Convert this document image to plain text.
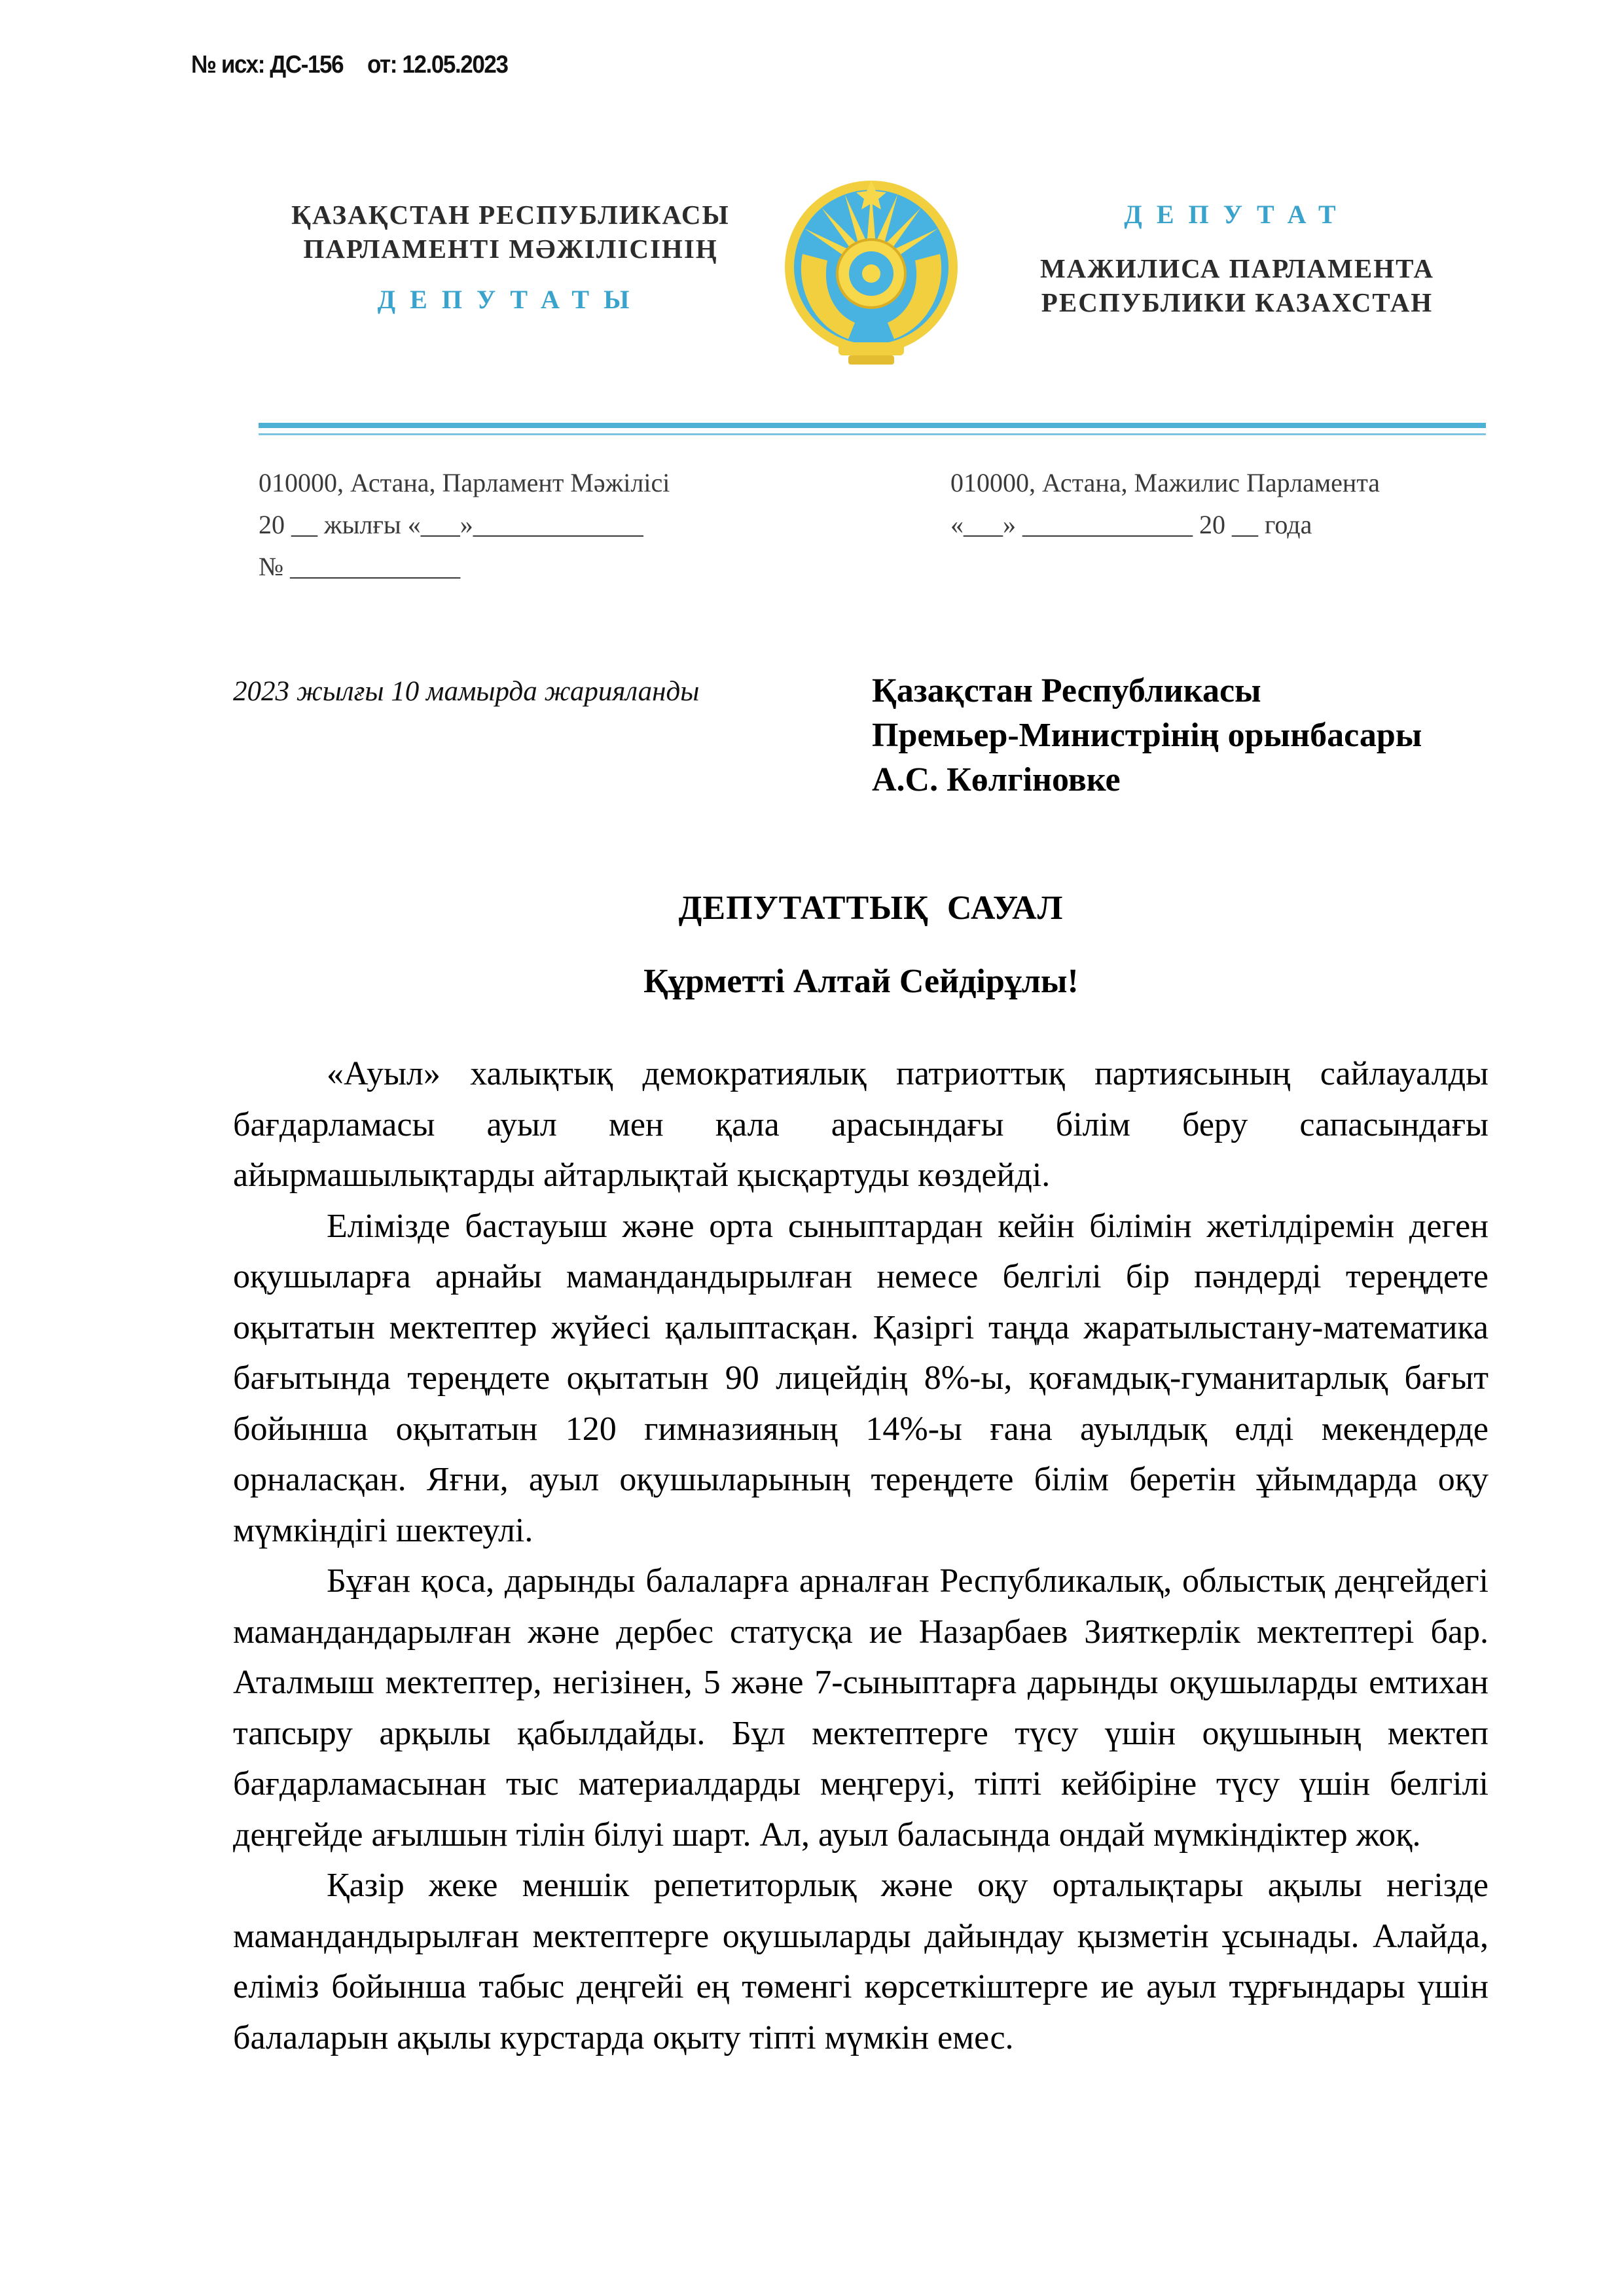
№ исх: ДС-156 от: 12.05.2023
ҚАЗАҚСТАН РЕСПУБЛИКАСЫ
ПАРЛАМЕНТІ МӘЖІЛІСІНІҢ
ДЕПУТАТЫ
ДЕПУТАТ
МАЖИЛИСА ПАРЛАМЕНТА
РЕСПУБЛИКИ КАЗАХСТАН
010000, Астана, Парламент Мәжілісі
20 __ жылғы «___»_____________
№ _____________
010000, Астана, Мажилис Парламента
«___» _____________ 20 __ года
2023 жылғы 10 мамырда жарияланды	Қазақстан Республикасы
Премьер-Министрінің орынбасары
А.С. Көлгіновке
ДЕПУТАТТЫҚ  САУАЛ
Құрметті Алтай Сейдірұлы!

«Ауыл» халықтық демократиялық патриоттық партиясының сайлауалды бағдарламасы ауыл мен қала арасындағы білім беру сапасындағы айырмашылықтарды айтарлықтай қысқартуды көздейді.

Елімізде бастауыш және орта сыныптардан кейін білімін жетілдіремін деген оқушыларға арнайы мамандандырылған немесе белгілі бір пәндерді тереңдете оқытатын мектептер жүйесі қалыптасқан. Қазіргі таңда жаратылыстану-математика бағытында тереңдете оқытатын 90 лицейдің 8%-ы, қоғамдық-гуманитарлық бағыт бойынша оқытатын 120 гимназияның 14%-ы ғана ауылдық елді мекендерде орналасқан. Яғни, ауыл оқушыларының тереңдете білім беретін ұйымдарда оқу мүмкіндігі шектеулі.

Бұған қоса, дарынды балаларға арналған Республикалық, облыстық деңгейдегі мамандандарылған және дербес статусқа ие Назарбаев Зияткерлік мектептері бар. Аталмыш мектептер, негізінен, 5 және 7-сыныптарға дарынды оқушыларды емтихан тапсыру арқылы қабылдайды. Бұл мектептерге түсу үшін оқушының мектеп бағдарламасынан тыс материалдарды меңгеруі, тіпті кейбіріне түсу үшін белгілі деңгейде ағылшын тілін білуі шарт. Ал, ауыл баласында ондай мүмкіндіктер жоқ.

Қазір жеке меншік репетиторлық және оқу орталықтары ақылы негізде мамандандырылған мектептерге оқушыларды дайындау қызметін ұсынады. Алайда, еліміз бойынша табыс деңгейі ең төменгі көрсеткіштерге ие ауыл тұрғындары үшін балаларын ақылы курстарда оқыту тіпті мүмкін емес.
